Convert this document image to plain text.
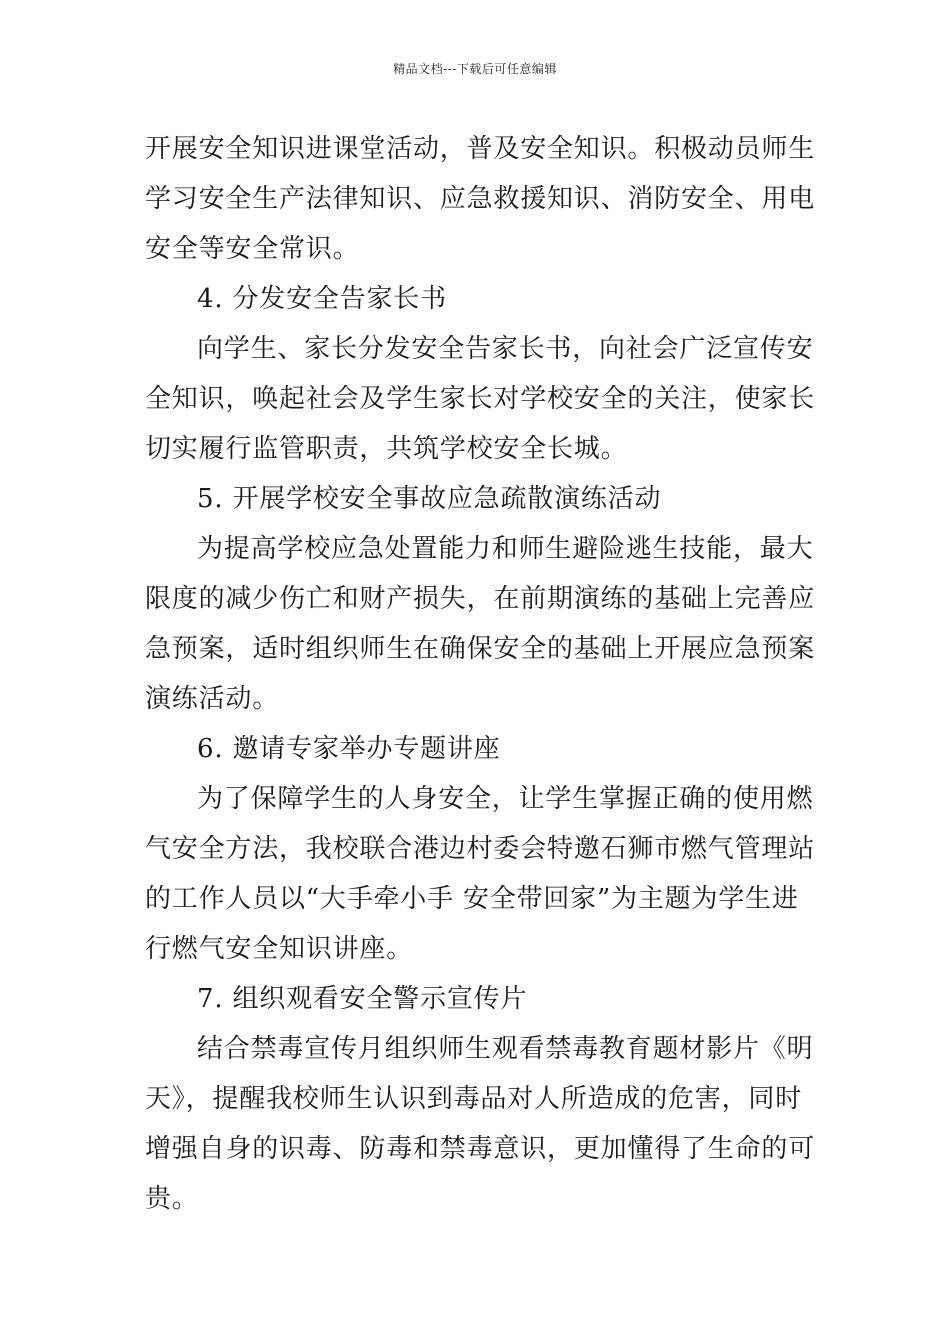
精品文档---下载后可任意编辑
开展安全知识进课堂活动，普及安全知识。积极动员师生
学习安全生产法律知识、应急救援知识、消防安全、用电
安全等安全常识。
4. 分发安全告家长书
向学生、家长分发安全告家长书，向社会广泛宣传安
全知识，唤起社会及学生家长对学校安全的关注，使家长
切实履行监管职责，共筑学校安全长城。
5. 开展学校安全事故应急疏散演练活动
为提高学校应急处置能力和师生避险逃生技能，最大
限度的减少伤亡和财产损失，在前期演练的基础上完善应
急预案，适时组织师生在确保安全的基础上开展应急预案
演练活动。
6. 邀请专家举办专题讲座
为了保障学生的人身安全，让学生掌握正确的使用燃
气安全方法，我校联合港边村委会特邀石狮市燃气管理站
的工作人员以“大手牵小手 安全带回家”为主题为学生进
行燃气安全知识讲座。
7. 组织观看安全警示宣传片
结合禁毒宣传月组织师生观看禁毒教育题材影片《明
天》，提醒我校师生认识到毒品对人所造成的危害，同时
增强自身的识毒、防毒和禁毒意识，更加懂得了生命的可
贵。
